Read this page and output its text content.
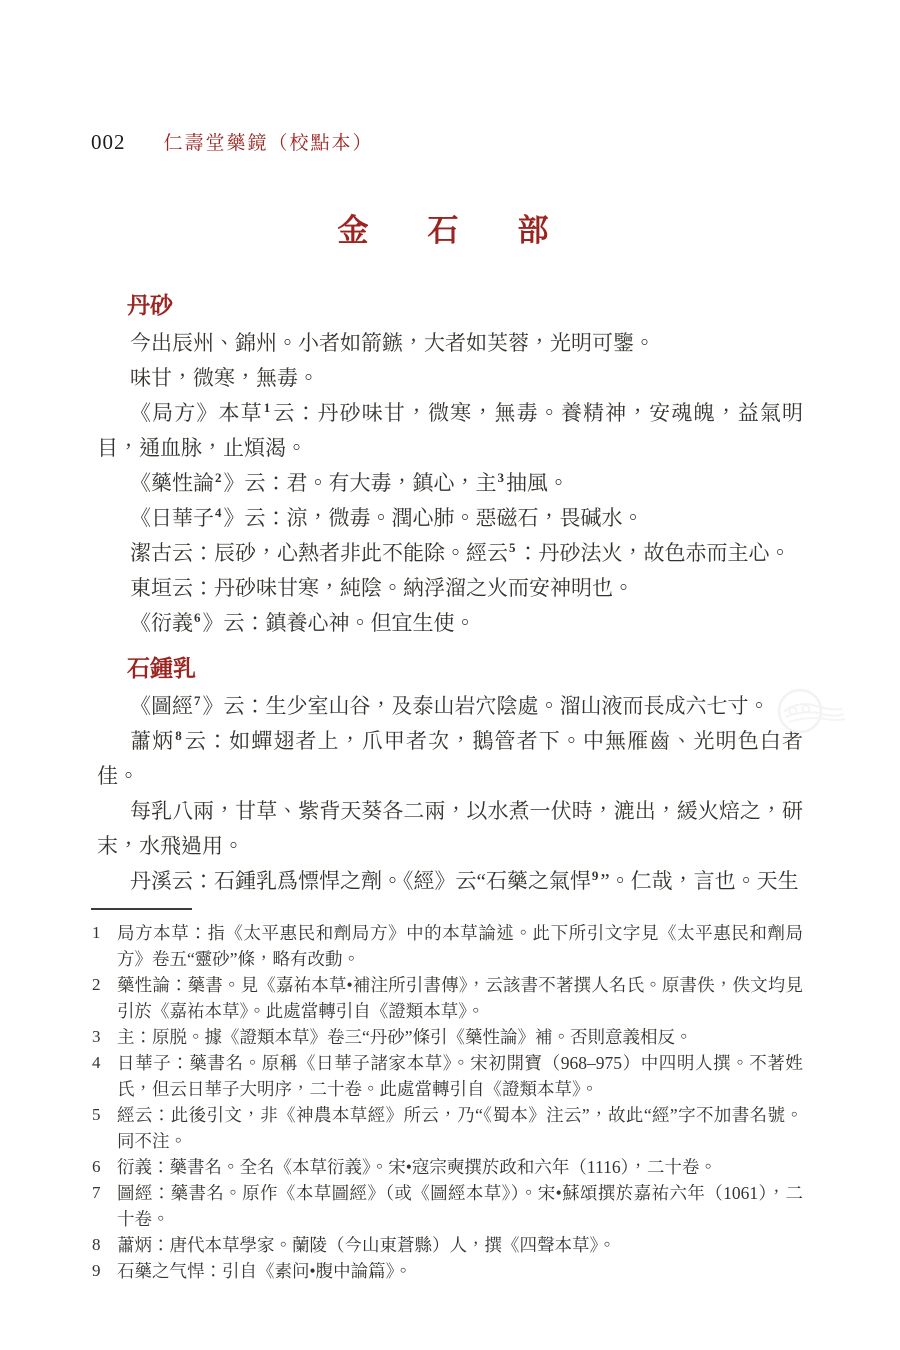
002 仁壽堂藥鏡（校點本）
金　石　部
丹砂

今出辰州、錦州。小者如箭鏃，大者如芙蓉，光明可鑒。

味甘，微寒，無毒。

《局方》本草$^1$云：丹砂味甘，微寒，無毒。養精神，安魂魄，益氣明目，通血脉，止煩渴。

《藥性論$^2$》云：君。有大毒，鎮心，主$^3$抽風。

《日華子$^4$》云：涼，微毒。潤心肺。惡磁石，畏碱水。

潔古云：辰砂，心熱者非此不能除。經云$^5$：丹砂法火，故色赤而主心。

東垣云：丹砂味甘寒，純陰。納浮溜之火而安神明也。

《衍義$^6$》云：鎮養心神。但宜生使。

石鍾乳

《圖經$^7$》云：生少室山谷，及泰山岩穴陰處。溜山液而長成六七寸。

蕭炳$^8$云：如蟬翅者上，爪甲者次，鵝管者下。中無雁齒、光明色白者佳。

每乳八兩，甘草、紫背天葵各二兩，以水煮一伏時，漉出，緩火焙之，研末，水飛過用。

丹溪云：石鍾乳爲慓悍之劑。《經》云“石藥之氣悍$^9$”。仁哉，言也。天生

1 局方本草：指《太平惠民和劑局方》中的本草論述。此下所引文字見《太平惠民和劑局方》卷五“靈砂”條，略有改動。
2 藥性論：藥書。見《嘉祐本草•補注所引書傳》，云該書不著撰人名氏。原書佚，佚文均見引於《嘉祐本草》。此處當轉引自《證類本草》。
3 主：原脱。據《證類本草》卷三“丹砂”條引《藥性論》補。否則意義相反。
4 日華子：藥書名。原稱《日華子諸家本草》。宋初開寶（968–975）中四明人撰。不著姓氏，但云日華子大明序，二十卷。此處當轉引自《證類本草》。
5 經云：此後引文，非《神農本草經》所云，乃“《蜀本》注云”，故此“經”字不加書名號。同不注。
6 衍義：藥書名。全名《本草衍義》。宋•寇宗奭撰於政和六年（1116），二十卷。
7 圖經：藥書名。原作《本草圖經》（或《圖經本草》）。宋•蘇頌撰於嘉祐六年（1061），二十卷。
8 蕭炳：唐代本草學家。蘭陵（今山東蒼縣）人，撰《四聲本草》。
9 石藥之气悍：引自《素问•腹中論篇》。
